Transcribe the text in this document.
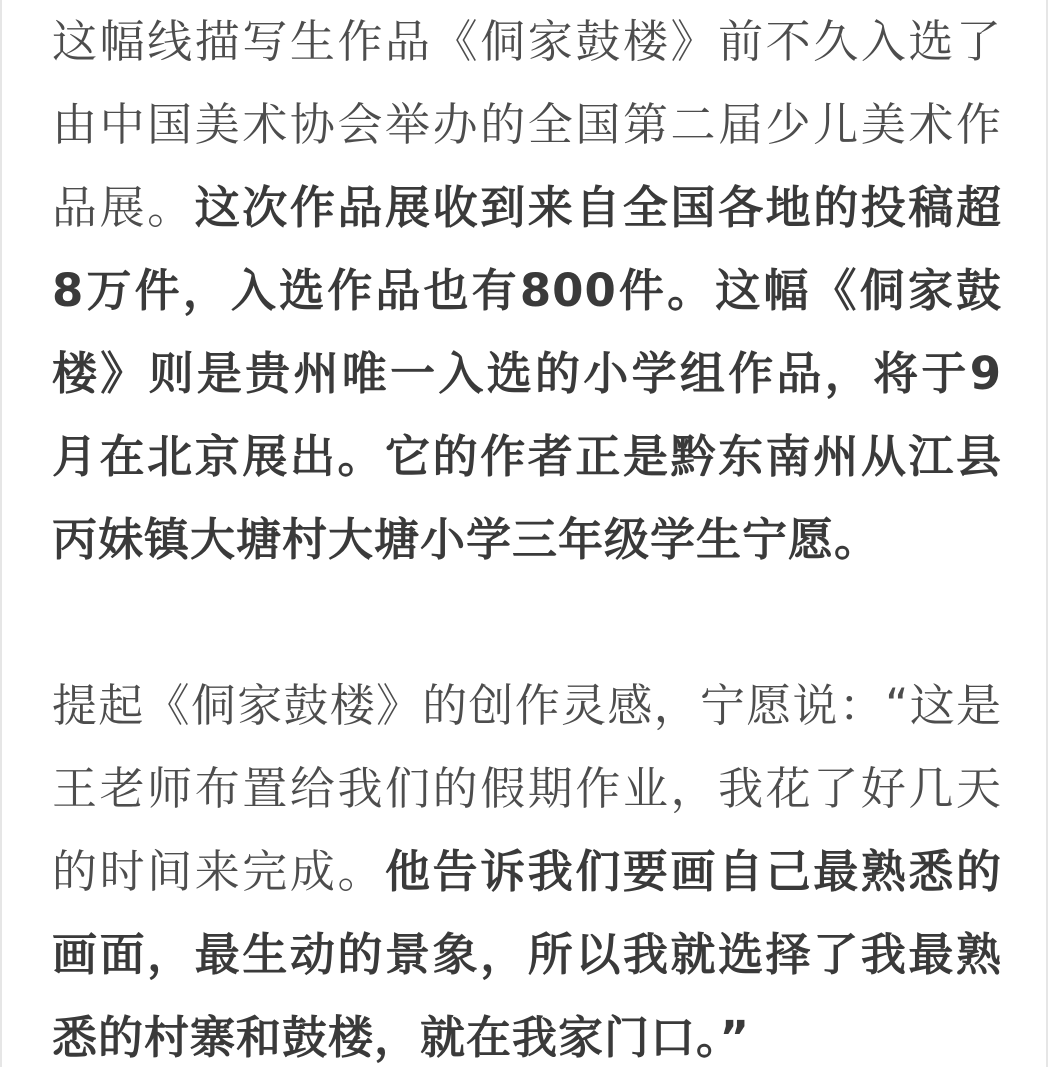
这幅线描写生作品《侗家鼓楼》前不久入选了由中国美术协会举办的全国第二届少儿美术作品展。这次作品展收到来自全国各地的投稿超8万件，入选作品也有800件。这幅《侗家鼓楼》则是贵州唯一入选的小学组作品，将于9月在北京展出。它的作者正是黔东南州从江县丙妹镇大塘村大塘小学三年级学生宁愿。

提起《侗家鼓楼》的创作灵感，宁愿说：“这是王老师布置给我们的假期作业，我花了好几天的时间来完成。他告诉我们要画自己最熟悉的画面，最生动的景象，所以我就选择了我最熟悉的村寨和鼓楼，就在我家门口。”
